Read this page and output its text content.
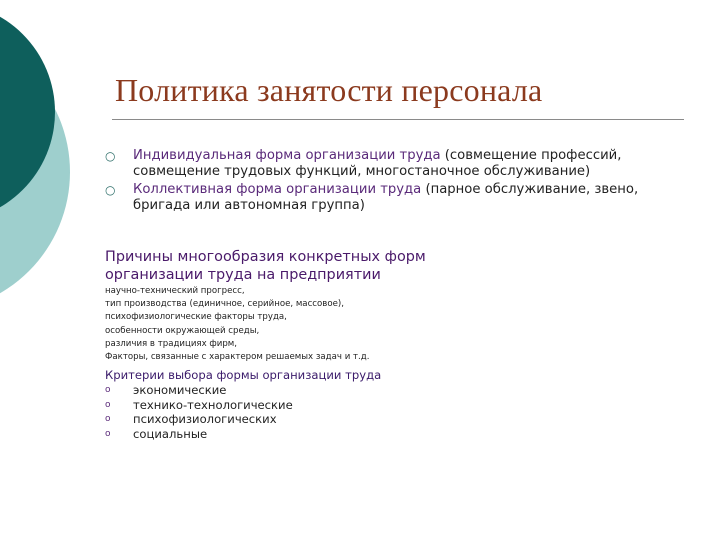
Политика занятости персонала
○	Индивидуальная форма организации труда (совмещение профессий, совмещение трудовых функций, многостаночное обслуживание)
○	Коллективная форма организации труда (парное обслуживание, звено, бригада или автономная группа)
Причины многообразия конкретных форм
организации труда на предприятии
научно-технический прогресс,
тип производства (единичное, серийное, массовое),
психофизиологические факторы труда,
особенности окружающей среды,
различия в традициях фирм,
Факторы, связанные с характером решаемых задач и т.д.
Критерии выбора формы организации труда
o	экономические
o	технико-технологические
o	психофизиологических
o	социальные
